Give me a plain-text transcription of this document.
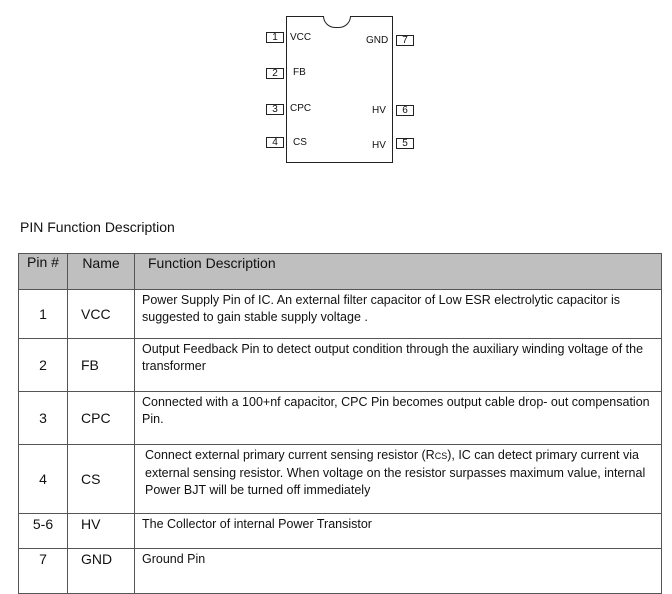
1	VCC
2	FB
3	CPC
4	CS
GND	7
HV	6
HV	5
PIN Function Description
Pin #	Name	Function Description
1	VCC	Power Supply Pin of IC. An external filter capacitor of Low ESR electrolytic capacitor is suggested to gain stable supply voltage .
2	FB	Output Feedback Pin to detect output condition through the auxiliary winding voltage of the transformer
3	CPC	Connected with a 100+nf capacitor, CPC Pin becomes output cable drop- out compensation Pin.
4	CS	Connect external primary current sensing resistor (RCS), IC can detect primary current via external sensing resistor. When voltage on the resistor surpasses maximum value, internal Power BJT will be turned off immediately
5-6	HV	The Collector of internal Power Transistor
7	GND	Ground Pin
